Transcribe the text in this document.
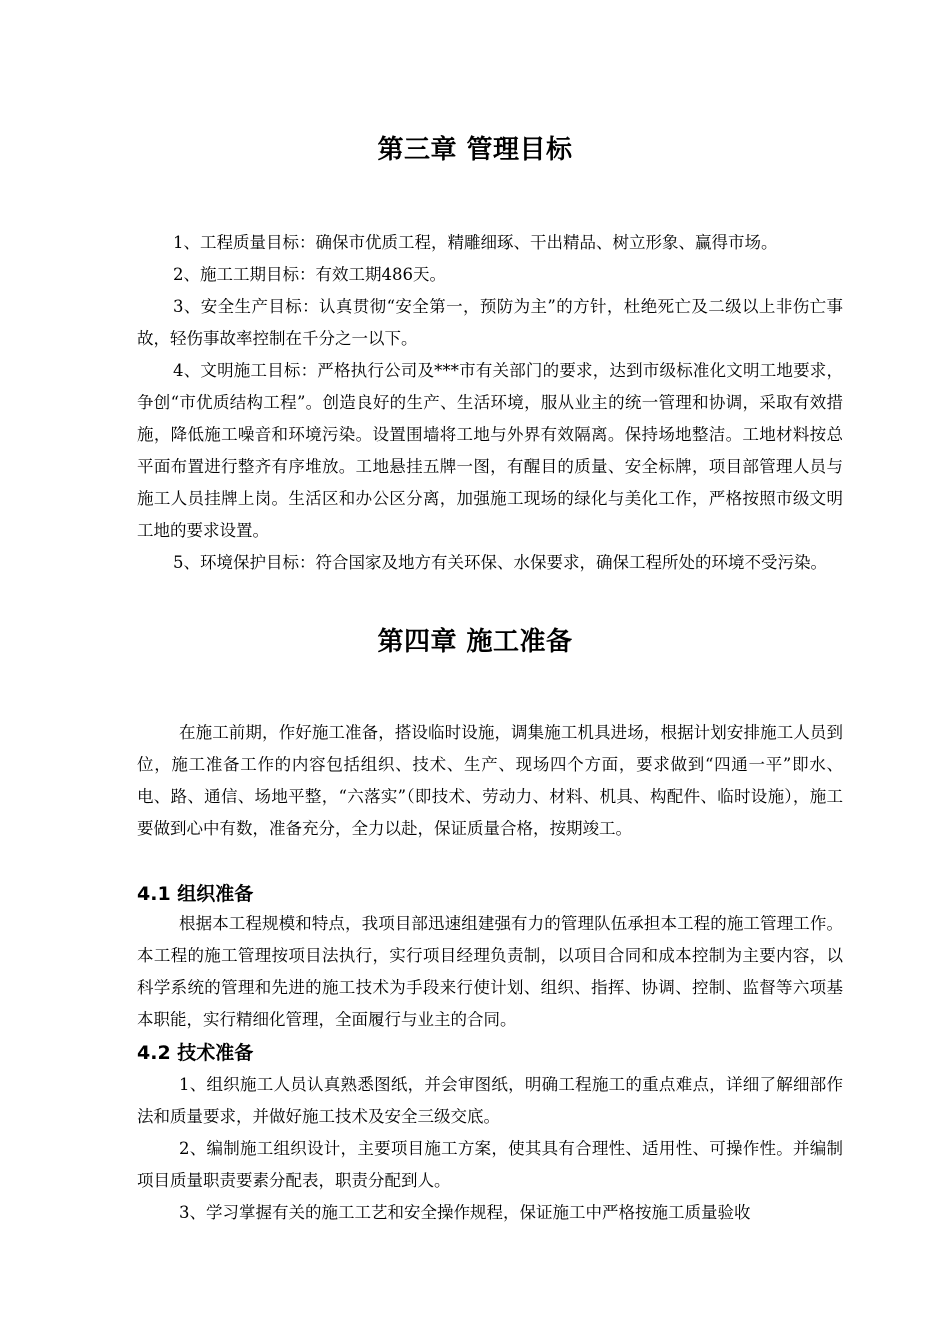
第三章 管理目标

1、工程质量目标：确保市优质工程，精雕细琢、干出精品、树立形象、赢得市场。

2、施工工期目标：有效工期486天。

3、安全生产目标：认真贯彻“安全第一，预防为主”的方针，杜绝死亡及二级以上非伤亡事故，轻伤事故率控制在千分之一以下。

4、文明施工目标：严格执行公司及***市有关部门的要求，达到市级标准化文明工地要求，争创“市优质结构工程”。创造良好的生产、生活环境，服从业主的统一管理和协调，采取有效措施，降低施工噪音和环境污染。设置围墙将工地与外界有效隔离。保持场地整洁。工地材料按总平面布置进行整齐有序堆放。工地悬挂五牌一图，有醒目的质量、安全标牌，项目部管理人员与施工人员挂牌上岗。生活区和办公区分离，加强施工现场的绿化与美化工作，严格按照市级文明工地的要求设置。

5、环境保护目标：符合国家及地方有关环保、水保要求，确保工程所处的环境不受污染。

第四章 施工准备

在施工前期，作好施工准备，搭设临时设施，调集施工机具进场，根据计划安排施工人员到位，施工准备工作的内容包括组织、技术、生产、现场四个方面，要求做到“四通一平”即水、电、路、通信、场地平整，“六落实”（即技术、劳动力、材料、机具、构配件、临时设施），施工要做到心中有数，准备充分，全力以赴，保证质量合格，按期竣工。

4.1 组织准备

根据本工程规模和特点，我项目部迅速组建强有力的管理队伍承担本工程的施工管理工作。本工程的施工管理按项目法执行，实行项目经理负责制，以项目合同和成本控制为主要内容，以科学系统的管理和先进的施工技术为手段来行使计划、组织、指挥、协调、控制、监督等六项基本职能，实行精细化管理，全面履行与业主的合同。

4.2 技术准备

1、组织施工人员认真熟悉图纸，并会审图纸，明确工程施工的重点难点，详细了解细部作法和质量要求，并做好施工技术及安全三级交底。

2、编制施工组织设计，主要项目施工方案，使其具有合理性、适用性、可操作性。并编制项目质量职责要素分配表，职责分配到人。

3、学习掌握有关的施工工艺和安全操作规程，保证施工中严格按施工质量验收
